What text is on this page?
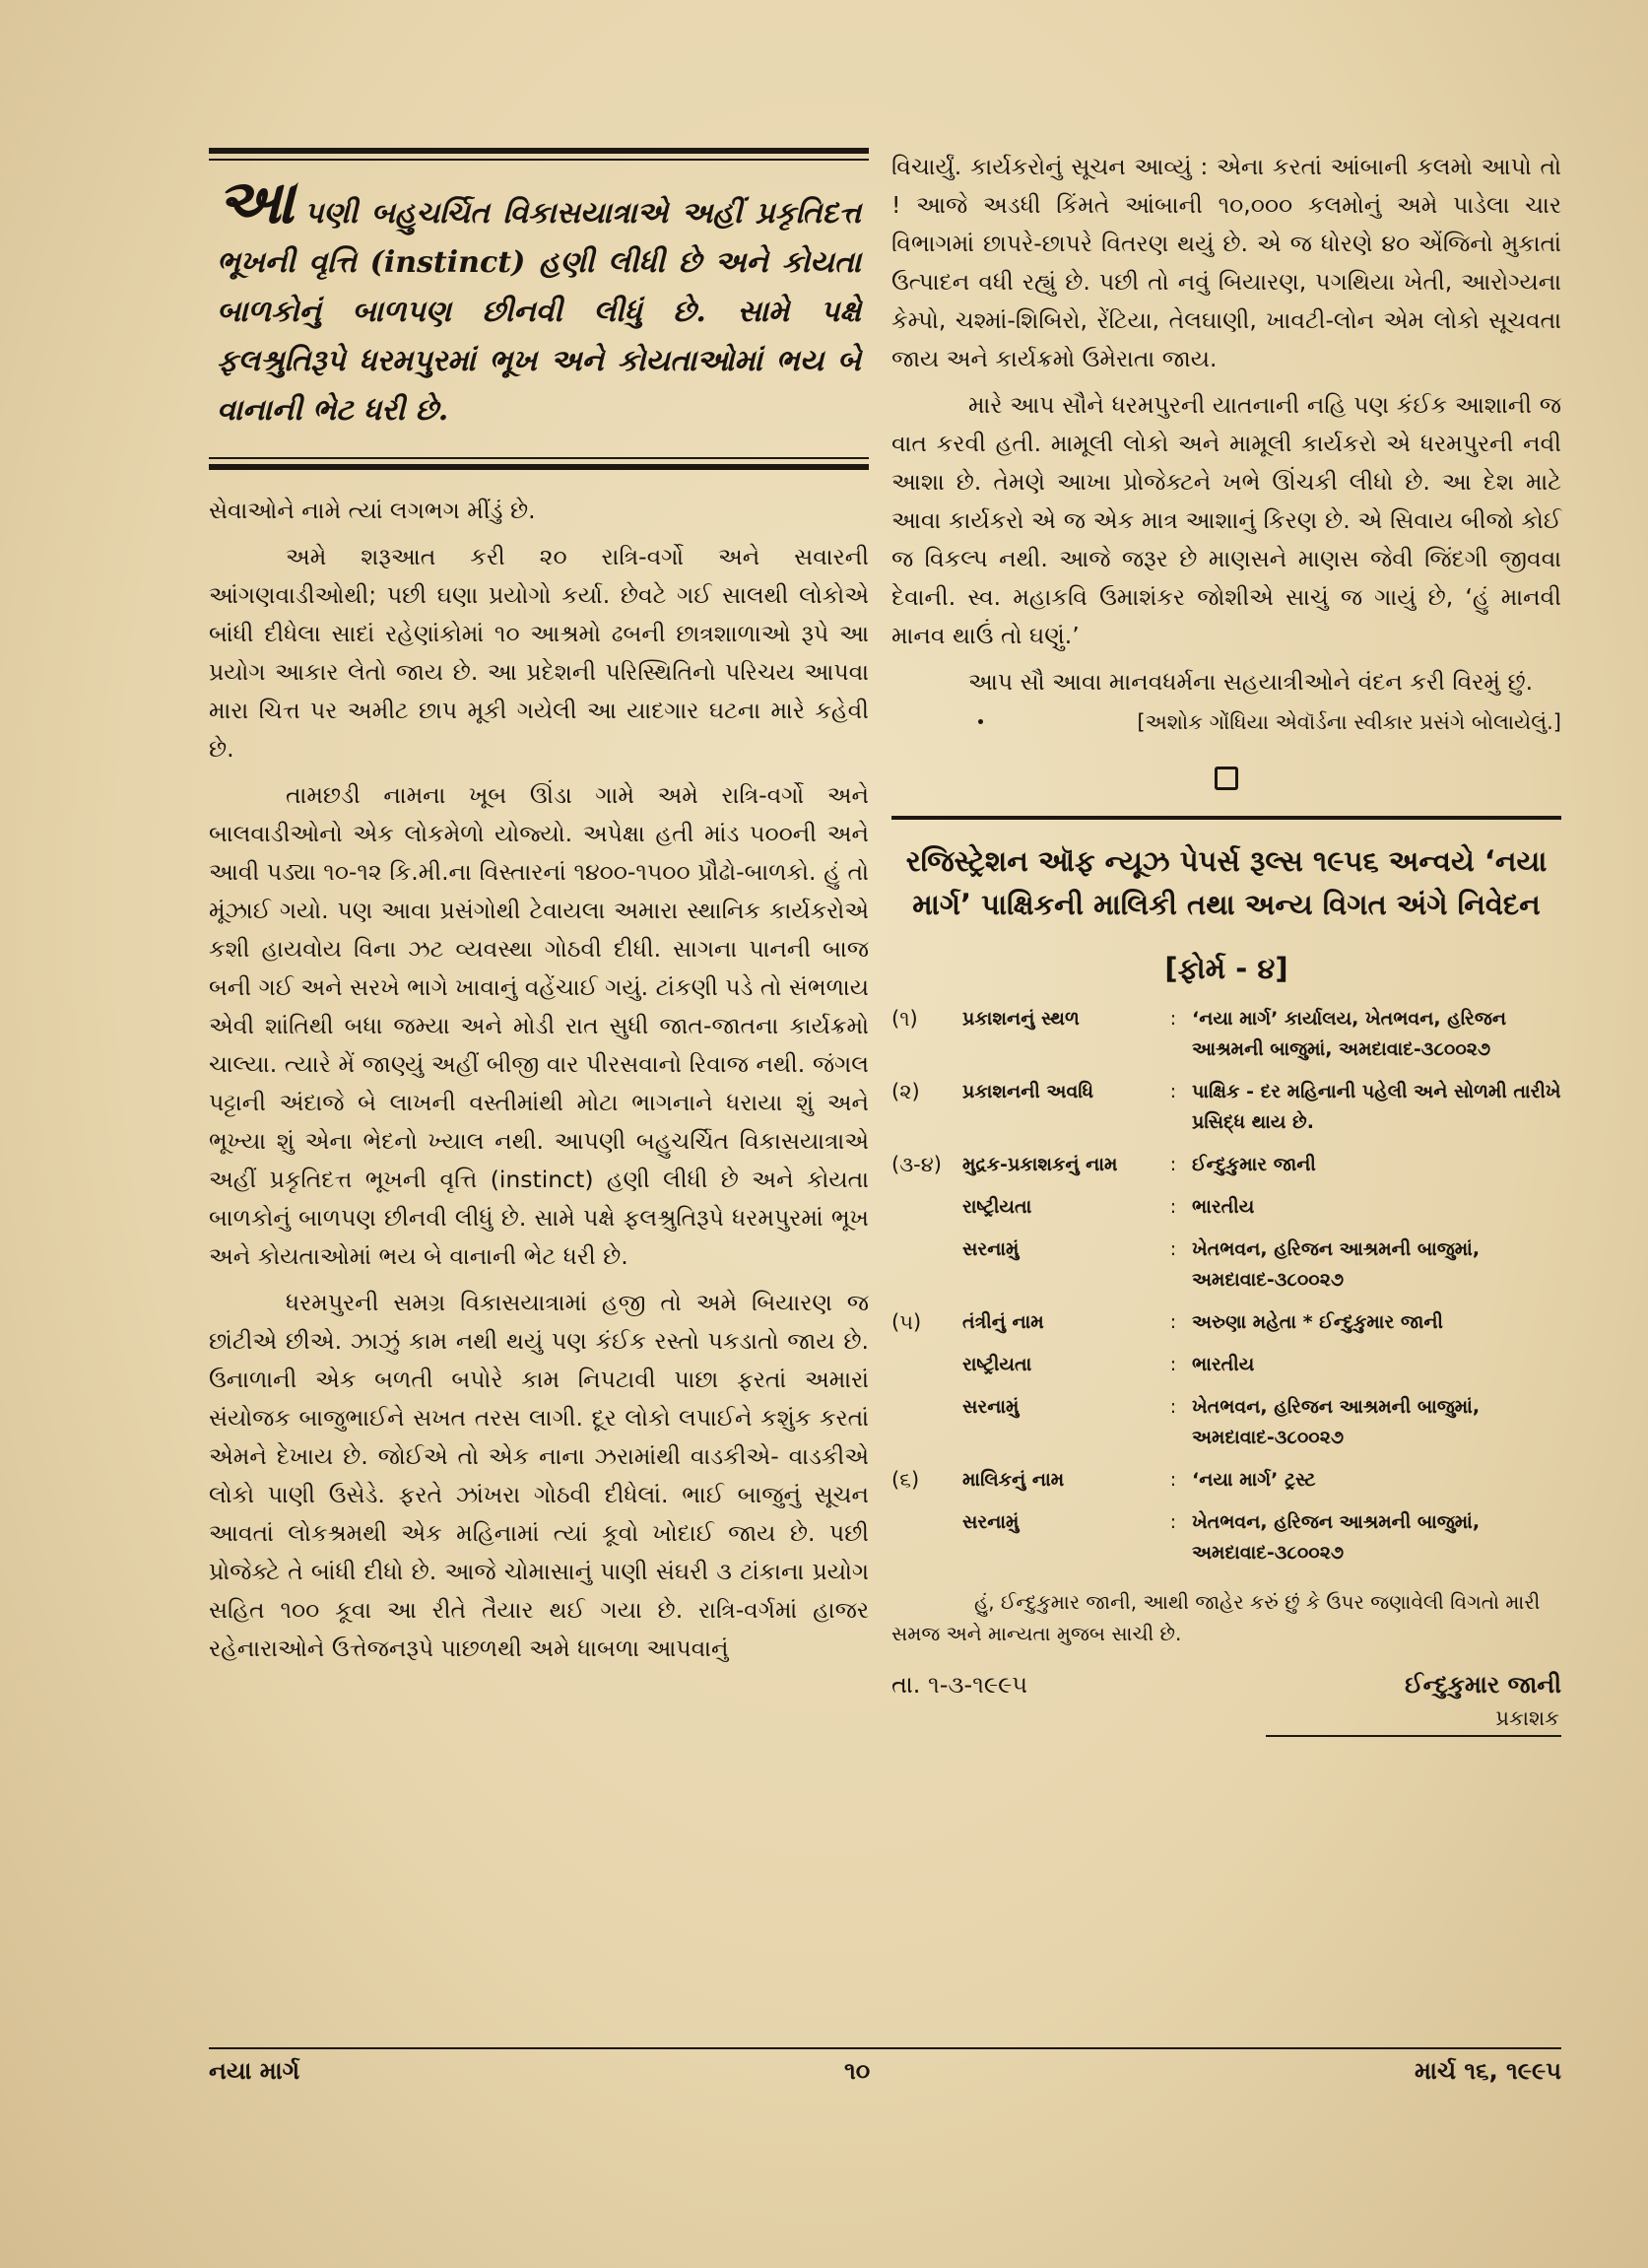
આપણી બહુચર્ચિત વિકાસયાત્રાએ અહીં પ્રકૃતિદત્ત ભૂખની વૃત્તિ (instinct) હણી લીધી છે અને કોયતા બાળકોનું બાળપણ છીનવી લીધું છે. સામે પક્ષે ફલશ્રુતિરૂપે ધરમપુરમાં ભૂખ અને કોયતાઓમાં ભય બે વાનાની ભેટ ધરી છે.

સેવાઓને નામે ત્યાં લગભગ મીંડું છે.

અમે શરૂઆત કરી ૨૦ રાત્રિ-વર્ગો અને સવારની આંગણવાડીઓથી; પછી ઘણા પ્રયોગો કર્યા. છેવટે ગઈ સાલથી લોકોએ બાંધી દીધેલા સાદાં રહેણાંકોમાં ૧૦ આશ્રમો ઢબની છાત્રશાળાઓ રૂપે આ પ્રયોગ આકાર લેતો જાય છે. આ પ્રદેશની પરિસ્થિતિનો પરિચય આપવા મારા ચિત્ત પર અમીટ છાપ મૂકી ગયેલી આ યાદગાર ઘટના મારે કહેવી છે.

તામછડી નામના ખૂબ ઊંડા ગામે અમે રાત્રિ-વર્ગો અને બાલવાડીઓનો એક લોકમેળો યોજ્યો. અપેક્ષા હતી માંડ ૫૦૦ની અને આવી પડ્યા ૧૦-૧૨ કિ.મી.ના વિસ્તારનાં ૧૪૦૦-૧૫૦૦ પ્રૌઢો-બાળકો. હું તો મૂંઝાઈ ગયો. પણ આવા પ્રસંગોથી ટેવાયલા અમારા સ્થાનિક કાર્યકરોએ કશી હાયવોય વિના ઝટ વ્યવસ્થા ગોઠવી દીધી. સાગના પાનની બાજ બની ગઈ અને સરખે ભાગે ખાવાનું વહેંચાઈ ગયું. ટાંકણી પડે તો સંભળાય એવી શાંતિથી બધા જમ્યા અને મોડી રાત સુધી જાત-જાતના કાર્યક્રમો ચાલ્યા. ત્યારે મેં જાણ્યું અહીં બીજી વાર પીરસવાનો રિવાજ નથી. જંગલ પટ્ટાની અંદાજે બે લાખની વસ્તીમાંથી મોટા ભાગનાને ધરાયા શું અને ભૂખ્યા શું એના ભેદનો ખ્યાલ નથી. આપણી બહુચર્ચિત વિકાસયાત્રાએ અહીં પ્રકૃતિદત્ત ભૂખની વૃત્તિ (instinct) હણી લીધી છે અને કોયતા બાળકોનું બાળપણ છીનવી લીધું છે. સામે પક્ષે ફલશ્રુતિરૂપે ધરમપુરમાં ભૂખ અને કોયતાઓમાં ભય બે વાનાની ભેટ ધરી છે.

ધરમપુરની સમગ્ર વિકાસયાત્રામાં હજી તો અમે બિયારણ જ છાંટીએ છીએ. ઝાઝું કામ નથી થયું પણ કંઈક રસ્તો પકડાતો જાય છે. ઉનાળાની એક બળતી બપોરે કામ નિપટાવી પાછા ફરતાં અમારાં સંયોજક બાજુભાઈને સખત તરસ લાગી. દૂર લોકો લપાઈને કશુંક કરતાં એમને દેખાય છે. જોઈએ તો એક નાના ઝરામાંથી વાડકીએ- વાડકીએ લોકો પાણી ઉસેડે. ફરતે ઝાંખરા ગોઠવી દીધેલાં. ભાઈ બાજુનું સૂચન આવતાં લોકશ્રમથી એક મહિનામાં ત્યાં કૂવો ખોદાઈ જાય છે. પછી પ્રોજેક્ટે તે બાંધી દીધો છે. આજે ચોમાસાનું પાણી સંઘરી ૩ ટાંકાના પ્રયોગ સહિત ૧૦૦ કૂવા આ રીતે તૈયાર થઈ ગયા છે. રાત્રિ-વર્ગમાં હાજર રહેનારાઓને ઉત્તેજનરૂપે પાછળથી અમે ધાબળા આપવાનું

વિચાર્યું. કાર્યકરોનું સૂચન આવ્યું : એના કરતાં આંબાની કલમો આપો તો ! આજે અડધી કિંમતે આંબાની ૧૦,૦૦૦ કલમોનું અમે પાડેલા ચાર વિભાગમાં છાપરે-છાપરે વિતરણ થયું છે. એ જ ધોરણે ૪૦ એંજિનો મુકાતાં ઉત્પાદન વધી રહ્યું છે. પછી તો નવું બિયારણ, પગથિયા ખેતી, આરોગ્યના કેમ્પો, ચશ્માં-શિબિરો, રેંટિયા, તેલઘાણી, ખાવટી-લોન એમ લોકો સૂચવતા જાય અને કાર્યક્રમો ઉમેરાતા જાય.

મારે આપ સૌને ધરમપુરની યાતનાની નહિ પણ કંઈક આશાની જ વાત કરવી હતી. મામૂલી લોકો અને મામૂલી કાર્યકરો એ ધરમપુરની નવી આશા છે. તેમણે આખા પ્રોજેક્ટને ખભે ઊંચકી લીધો છે. આ દેશ માટે આવા કાર્યકરો એ જ એક માત્ર આશાનું કિરણ છે. એ સિવાય બીજો કોઈ જ વિકલ્પ નથી. આજે જરૂર છે માણસને માણસ જેવી જિંદગી જીવવા દેવાની. સ્વ. મહાકવિ ઉમાશંકર જોશીએ સાચું જ ગાયું છે, ‘હું માનવી માનવ થાઉં તો ઘણું.’

આપ સૌ આવા માનવધર્મના સહયાત્રીઓને વંદન કરી વિરમું છું.

[અશોક ગોંધિયા એવૉર્ડના સ્વીકાર પ્રસંગે બોલાયેલું.]
રજિસ્ટ્રેશન ઑફ ન્યૂઝ પેપર્સ રૂલ્સ ૧૯૫૬ અન્વયે ‘નયા માર્ગ’ પાક્ષિકની માલિકી તથા અન્ય વિગત અંગે નિવેદન
[ફોર્મ - ૪]
(૧)	પ્રકાશનનું સ્થળ	:	‘નયા માર્ગ’ કાર્યાલય, ખેતભવન, હરિજન આશ્રમની બાજુમાં, અમદાવાદ-૩૮૦૦૨૭
(૨)	પ્રકાશનની અવધિ	:	પાક્ષિક - દર મહિનાની પહેલી અને સોળમી તારીખે પ્રસિદ્ધ થાય છે.
(૩-૪)	મુદ્રક-પ્રકાશકનું નામ	:	ઈન્દુકુમાર જાની
	રાષ્ટ્રીયતા	:	ભારતીય
	સરનામું	:	ખેતભવન, હરિજન આશ્રમની બાજુમાં, અમદાવાદ-૩૮૦૦૨૭
(૫)	તંત્રીનું નામ	:	અરુણા મહેતા * ઈન્દુકુમાર જાની
	રાષ્ટ્રીયતા	:	ભારતીય
	સરનામું	:	ખેતભવન, હરિજન આશ્રમની બાજુમાં, અમદાવાદ-૩૮૦૦૨૭
(૬)	માલિકનું નામ	:	‘નયા માર્ગ’ ટ્રસ્ટ
	સરનામું	:	ખેતભવન, હરિજન આશ્રમની બાજુમાં, અમદાવાદ-૩૮૦૦૨૭
હું, ઈન્દુકુમાર જાની, આથી જાહેર કરું છું કે ઉપર જણાવેલી વિગતો મારી સમજ અને માન્યતા મુજબ સાચી છે.
તા. ૧-૩-૧૯૯૫	ઈન્દુકુમાર જાની
પ્રકાશક
નયા માર્ગ	૧૦	માર્ચ ૧૬, ૧૯૯૫
